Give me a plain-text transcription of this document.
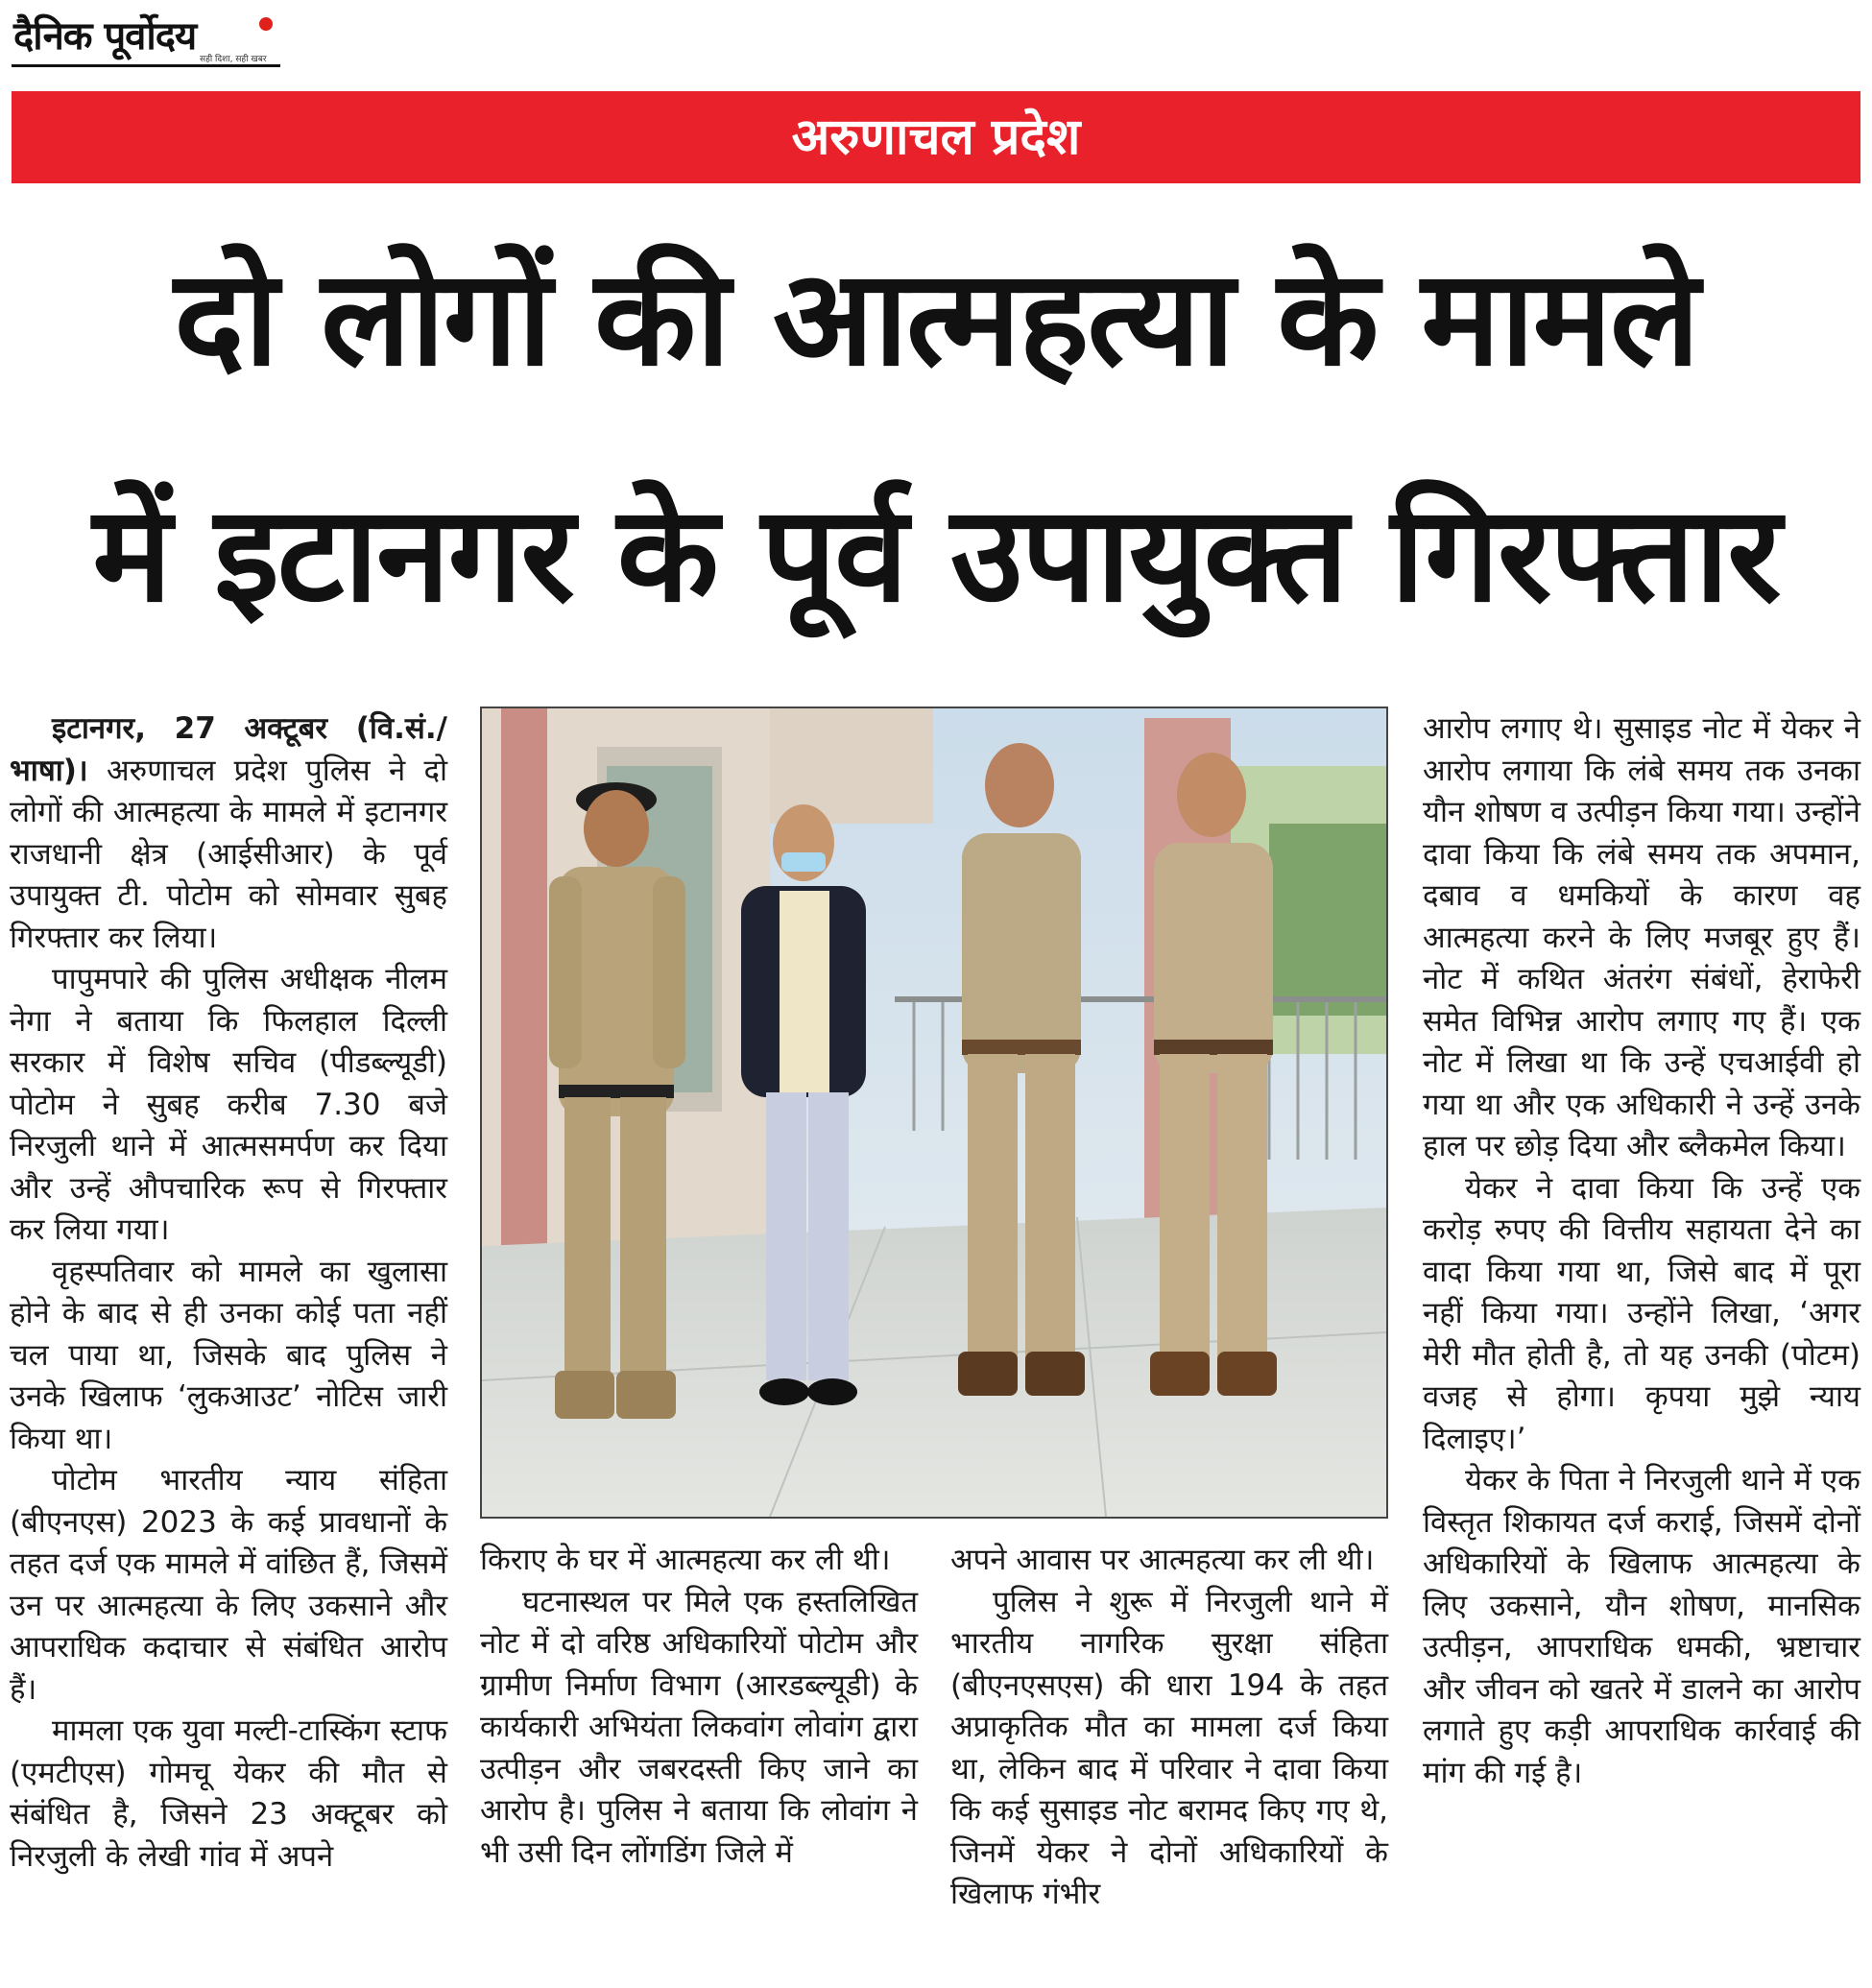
दैनिक पूर्वोदय
सही दिशा, सही खबर
अरुणाचल प्रदेश
दो लोगों की आत्महत्या के मामले
में इटानगर के पूर्व उपायुक्त गिरफ्तार

इटानगर, 27 अक्टूबर (वि.सं./भाषा)। अरुणाचल प्रदेश पुलिस ने दो लोगों की आत्महत्या के मामले में इटानगर राजधानी क्षेत्र (आईसीआर) के पूर्व उपायुक्त टी. पोटोम को सोमवार सुबह गिरफ्तार कर लिया।

पापुमपारे की पुलिस अधीक्षक नीलम नेगा ने बताया कि फिलहाल दिल्ली सरकार में विशेष सचिव (पीडब्ल्यूडी) पोटोम ने सुबह करीब 7.30 बजे निरजुली थाने में आत्मसमर्पण कर दिया और उन्हें औपचारिक रूप से गिरफ्तार कर लिया गया।

वृहस्पतिवार को मामले का खुलासा होने के बाद से ही उनका कोई पता नहीं चल पाया था, जिसके बाद पुलिस ने उनके खिलाफ ‘लुकआउट’ नोटिस जारी किया था।

पोटोम भारतीय न्याय संहिता (बीएनएस) 2023 के कई प्रावधानों के तहत दर्ज एक मामले में वांछित हैं, जिसमें उन पर आत्महत्या के लिए उकसाने और आपराधिक कदाचार से संबंधित आरोप हैं।

मामला एक युवा मल्टी-टास्किंग स्टाफ (एमटीएस) गोमचू येकर की मौत से संबंधित है, जिसने 23 अक्टूबर को निरजुली के लेखी गांव में अपने

किराए के घर में आत्महत्या कर ली थी।

घटनास्थल पर मिले एक हस्तलिखित नोट में दो वरिष्ठ अधिकारियों पोटोम और ग्रामीण निर्माण विभाग (आरडब्ल्यूडी) के कार्यकारी अभियंता लिकवांग लोवांग द्वारा उत्पीड़न और जबरदस्ती किए जाने का आरोप है। पुलिस ने बताया कि लोवांग ने भी उसी दिन लोंगडिंग जिले में

अपने आवास पर आत्महत्या कर ली थी।

पुलिस ने शुरू में निरजुली थाने में भारतीय नागरिक सुरक्षा संहिता (बीएनएसएस) की धारा 194 के तहत अप्राकृतिक मौत का मामला दर्ज किया था, लेकिन बाद में परिवार ने दावा किया कि कई सुसाइड नोट बरामद किए गए थे, जिनमें येकर ने दोनों अधिकारियों के खिलाफ गंभीर

आरोप लगाए थे। सुसाइड नोट में येकर ने आरोप लगाया कि लंबे समय तक उनका यौन शोषण व उत्पीड़न किया गया। उन्होंने दावा किया कि लंबे समय तक अपमान, दबाव व धमकियों के कारण वह आत्महत्या करने के लिए मजबूर हुए हैं। नोट में कथित अंतरंग संबंधों, हेराफेरी समेत विभिन्न आरोप लगाए गए हैं। एक नोट में लिखा था कि उन्हें एचआईवी हो गया था और एक अधिकारी ने उन्हें उनके हाल पर छोड़ दिया और ब्लैकमेल किया।

येकर ने दावा किया कि उन्हें एक करोड़ रुपए की वित्तीय सहायता देने का वादा किया गया था, जिसे बाद में पूरा नहीं किया गया। उन्होंने लिखा, ‘अगर मेरी मौत होती है, तो यह उनकी (पोटम) वजह से होगा। कृपया मुझे न्याय दिलाइए।’

येकर के पिता ने निरजुली थाने में एक विस्तृत शिकायत दर्ज कराई, जिसमें दोनों अधिकारियों के खिलाफ आत्महत्या के लिए उकसाने, यौन शोषण, मानसिक उत्पीड़न, आपराधिक धमकी, भ्रष्टाचार और जीवन को खतरे में डालने का आरोप लगाते हुए कड़ी आपराधिक कार्रवाई की मांग की गई है।
